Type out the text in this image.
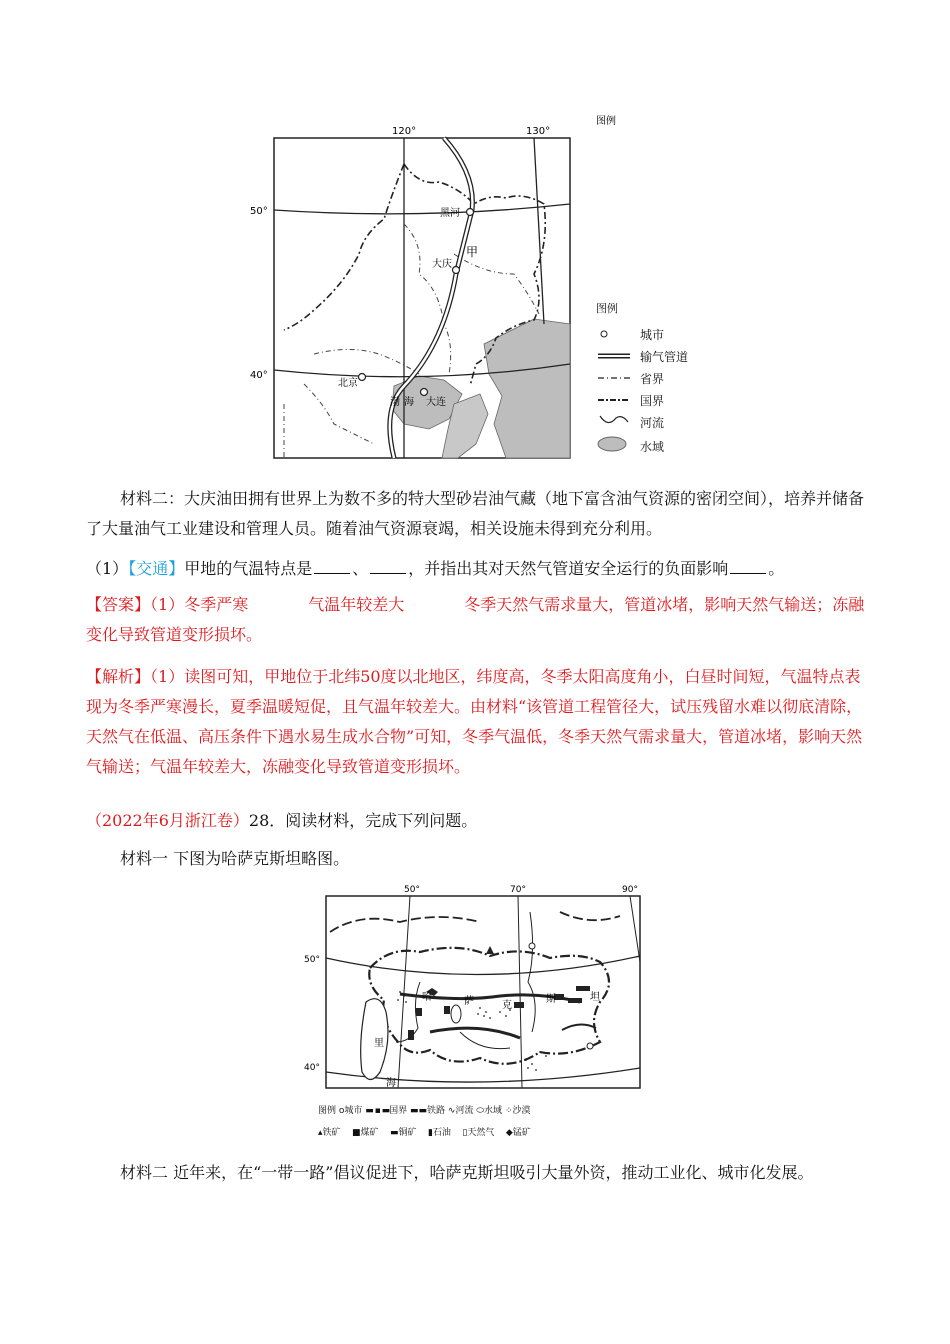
120°	130°
50°
40°
黑河
大庆
甲
北京
大连
渤 海
图例
图例
城市
输气管道
省界
国界
河流
水域

材料二：大庆油田拥有世界上为数不多的特大型砂岩油气藏（地下富含油气资源的密闭空间），培养并储备了大量油气工业建设和管理人员。随着油气资源衰竭，相关设施未得到充分利用。

（1）【交通】甲地的气温特点是	、	，并指出其对天然气管道安全运行的负面影响	。

【答案】（1）冬季严寒	气温年较差大	冬季天然气需求量大，管道冰堵，影响天然气输送；冻融变化导致管道变形损坏。

【解析】（1）读图可知，甲地位于北纬50度以北地区，纬度高，冬季太阳高度角小，白昼时间短，气温特点表现为冬季严寒漫长，夏季温暖短促，且气温年较差大。由材料“该管道工程管径大，试压残留水难以彻底清除，天然气在低温、高压条件下遇水易生成水合物”可知，冬季气温低，冬季天然气需求量大，管道冰堵，影响天然气输送；气温年较差大，冻融变化导致管道变形损坏。

（2022年6月浙江卷）28．阅读材料，完成下列问题。

材料一 下图为哈萨克斯坦略图。

50°	70°	90°
50°
40°
哈	萨	克
斯	坦
里
海
图例 o城市 ▬ ▪ ▬国界 ▬▬铁路 ∿河流 ⬭水域 ⁘沙漠
▴铁矿 ■煤矿 ▬铜矿 ▮石油 ▯天然气 ◆锰矿

材料二 近年来，在“一带一路”倡议促进下，哈萨克斯坦吸引大量外资，推动工业化、城市化发展。
